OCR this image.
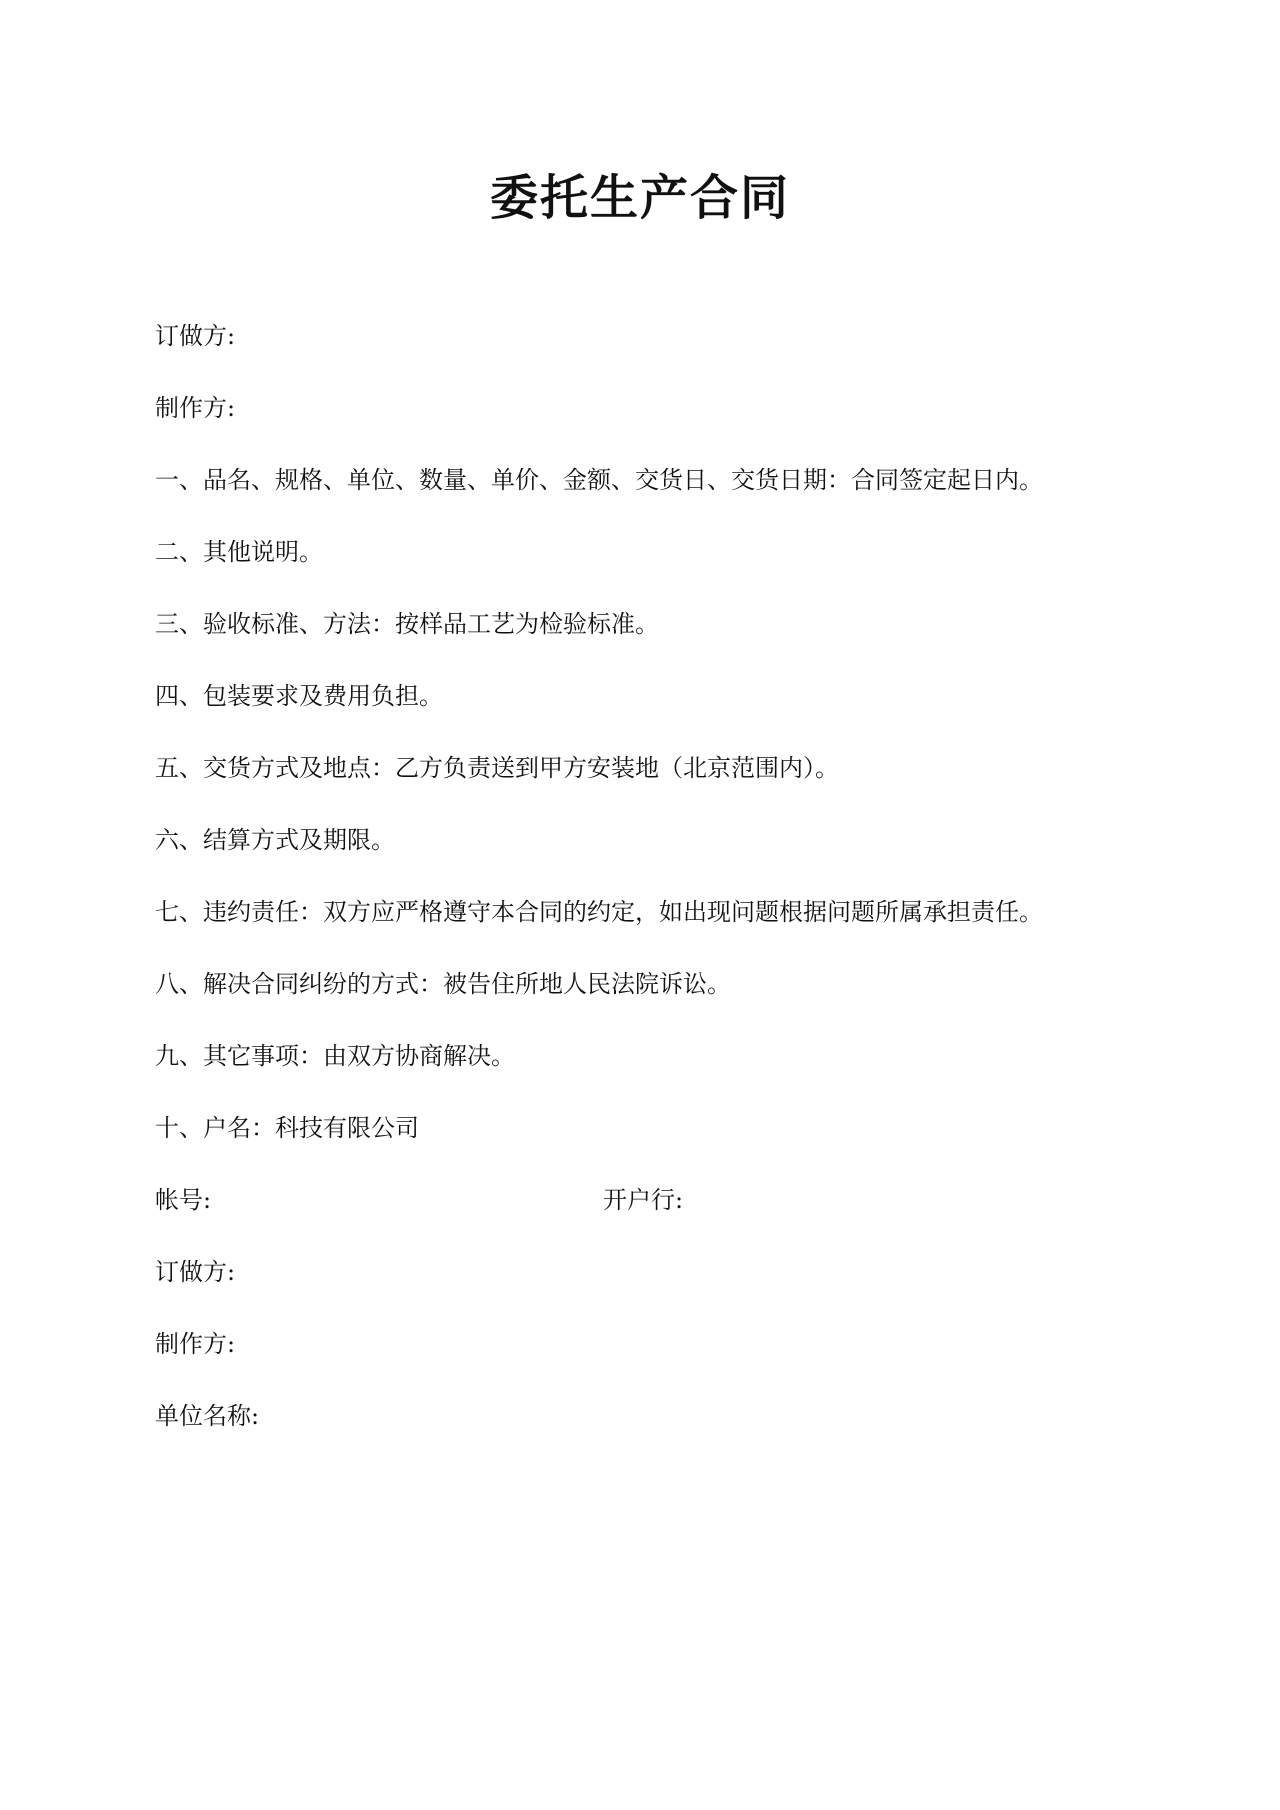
委托生产合同
订做方:
制作方:
一、品名、规格、单位、数量、单价、金额、交货日、交货日期：合同签定起日内。
二、其他说明。
三、验收标准、方法：按样品工艺为检验标准。
四、包装要求及费用负担。
五、交货方式及地点：乙方负责送到甲方安装地（北京范围内）。
六、结算方式及期限。
七、违约责任：双方应严格遵守本合同的约定，如出现问题根据问题所属承担责任。
八、解决合同纠纷的方式：被告住所地人民法院诉讼。
九、其它事项：由双方协商解决。
十、户名：科技有限公司
帐号:	开户行:
订做方:
制作方:
单位名称:
